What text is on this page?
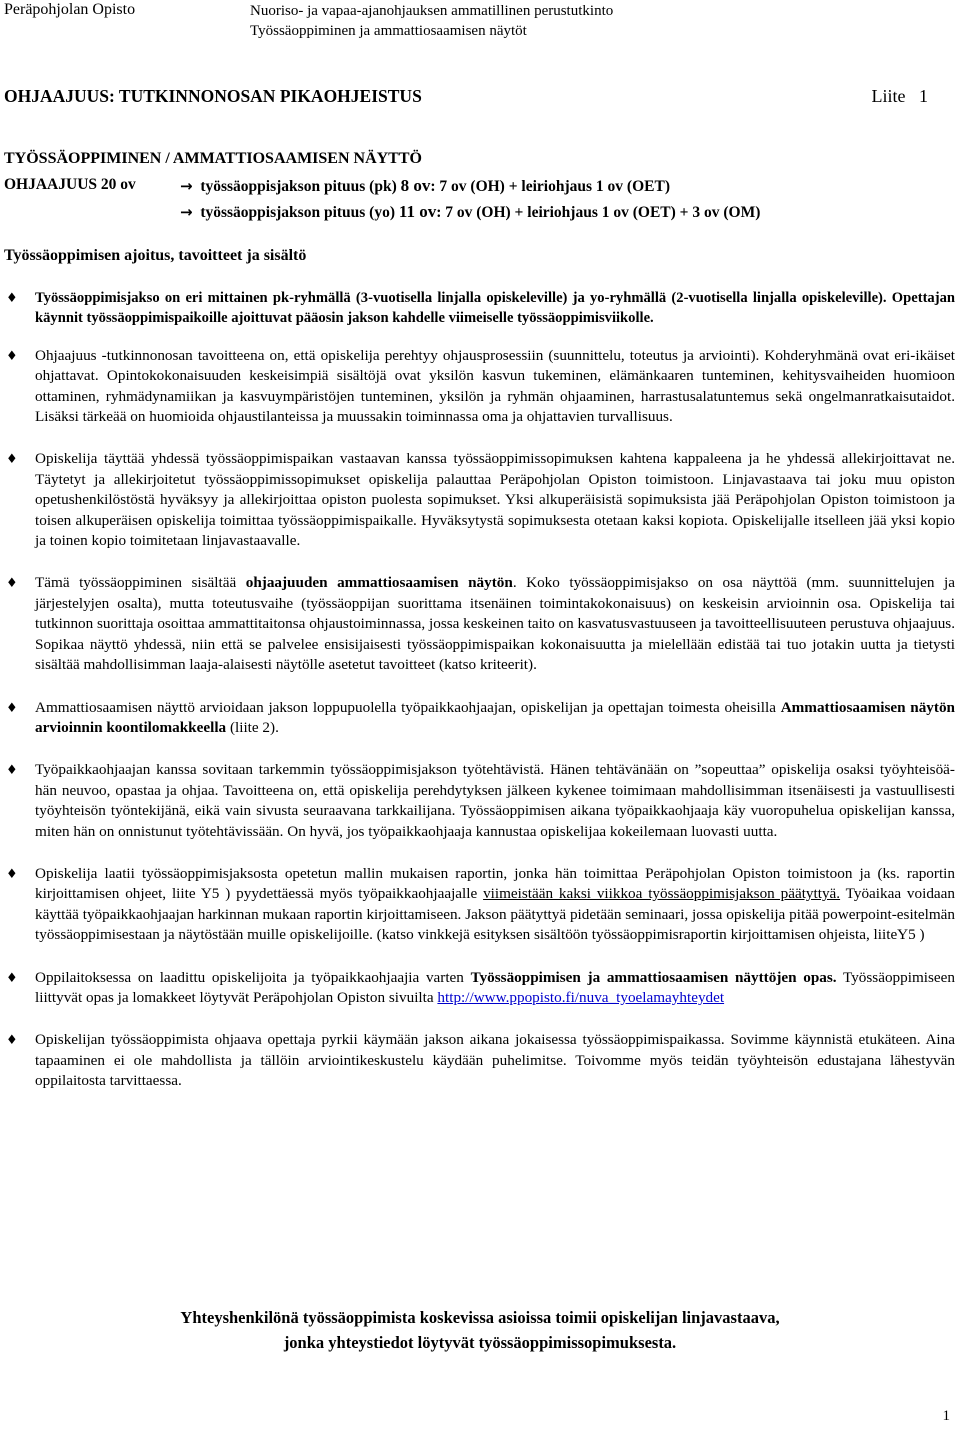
Peräpohjolan Opisto	Nuoriso- ja vapaa-ajanohjauksen ammatillinen perustutkinto
Työssäoppiminen ja ammattiosaamisen näytöt
OHJAAJUUS: TUTKINNONOSAN PIKAOHJEISTUS	Liite 1
TYÖSSÄOPPIMINEN / AMMATTIOSAAMISEN NÄYTTÖ
OHJAAJUUS 20 ov	→ työssäoppisjakson pituus (pk) 8 ov: 7 ov (OH) + leiriohjaus 1 ov (OET)
→ työssäoppisjakson pituus (yo) 11 ov: 7 ov (OH) + leiriohjaus 1 ov (OET) + 3 ov (OM)
Työssäoppimisen ajoitus, tavoitteet ja sisältö
♦ Työssäoppimisjakso on eri mittainen pk-ryhmällä (3-vuotisella linjalla opiskeleville) ja yo-ryhmällä (2-vuotisella linjalla opiskeleville). Opettajan käynnit työssäoppimispaikoille ajoittuvat pääosin jakson kahdelle viimeiselle työssäoppimisviikolle.
♦ Ohjaajuus -tutkinnonosan tavoitteena on, että opiskelija perehtyy ohjausprosessiin (suunnittelu, toteutus ja arviointi). Kohderyhmänä ovat eri-ikäiset ohjattavat. Opintokokonaisuuden keskeisimpiä sisältöjä ovat yksilön kasvun tukeminen, elämänkaaren tunteminen, kehitysvaiheiden huomioon ottaminen, ryhmädynamiikan ja kasvuympäristöjen tunteminen, yksilön ja ryhmän ohjaaminen, harrastusalatuntemus sekä ongelmanratkaisutaidot. Lisäksi tärkeää on huomioida ohjaustilanteissa ja muussakin toiminnassa oma ja ohjattavien turvallisuus.
♦ Opiskelija täyttää yhdessä työssäoppimispaikan vastaavan kanssa työssäoppimissopimuksen kahtena kappaleena ja he yhdessä allekirjoittavat ne. Täytetyt ja allekirjoitetut työssäoppimissopimukset opiskelija palauttaa Peräpohjolan Opiston toimistoon. Linjavastaava tai joku muu opiston opetushenkilöstöstä hyväksyy ja allekirjoittaa opiston puolesta sopimukset. Yksi alkuperäisistä sopimuksista jää Peräpohjolan Opiston toimistoon ja toisen alkuperäisen opiskelija toimittaa työssäoppimispaikalle. Hyväksytystä sopimuksesta otetaan kaksi kopiota. Opiskelijalle itselleen jää yksi kopio ja toinen kopio toimitetaan linjavastaavalle.
♦ Tämä työssäoppiminen sisältää ohjaajuuden ammattiosaamisen näytön. Koko työssäoppimisjakso on osa näyttöä (mm. suunnittelujen ja järjestelyjen osalta), mutta toteutusvaihe (työssäoppijan suorittama itsenäinen toimintakokonaisuus) on keskeisin arvioinnin osa. Opiskelija tai tutkinnon suorittaja osoittaa ammattitaitonsa ohjaustoiminnassa, jossa keskeinen taito on kasvatusvastuuseen ja tavoitteellisuuteen perustuva ohjaajuus. Sopikaa näyttö yhdessä, niin että se palvelee ensisijaisesti työssäoppimispaikan kokonaisuutta ja mielellään edistää tai tuo jotakin uutta ja tietysti sisältää mahdollisimman laaja-alaisesti näytölle asetetut tavoitteet (katso kriteerit).
♦ Ammattiosaamisen näyttö arvioidaan jakson loppupuolella työpaikkaohjaajan, opiskelijan ja opettajan toimesta oheisilla Ammattiosaamisen näytön arvioinnin koontilomakkeella (liite 2).
♦ Työpaikkaohjaajan kanssa sovitaan tarkemmin työssäoppimisjakson työtehtävistä. Hänen tehtävänään on ”sopeuttaa” opiskelija osaksi työyhteisöä- hän neuvoo, opastaa ja ohjaa. Tavoitteena on, että opiskelija perehdytyksen jälkeen kykenee toimimaan mahdollisimman itsenäisesti ja vastuullisesti työyhteisön työntekijänä, eikä vain sivusta seuraavana tarkkailijana. Työssäoppimisen aikana työpaikkaohjaaja käy vuoropuhelua opiskelijan kanssa, miten hän on onnistunut työtehtävissään. On hyvä, jos työpaikkaohjaaja kannustaa opiskelijaa kokeilemaan luovasti uutta.
♦ Opiskelija laatii työssäoppimisjaksosta opetetun mallin mukaisen raportin, jonka hän toimittaa Peräpohjolan Opiston toimistoon ja (ks. raportin kirjoittamisen ohjeet, liite Y5 ) pyydettäessä myös työpaikkaohjaajalle viimeistään kaksi viikkoa työssäoppimisjakson päätyttyä. Työaikaa voidaan käyttää työpaikkaohjaajan harkinnan mukaan raportin kirjoittamiseen. Jakson päätyttyä pidetään seminaari, jossa opiskelija pitää powerpoint-esitelmän työssäoppimisestaan ja näytöstään muille opiskelijoille. (katso vinkkejä esityksen sisältöön työssäoppimisraportin kirjoittamisen ohjeista, liiteY5 )
♦ Oppilaitoksessa on laadittu opiskelijoita ja työpaikkaohjaajia varten Työssäoppimisen ja ammattiosaamisen näyttöjen opas. Työssäoppimiseen liittyvät opas ja lomakkeet löytyvät Peräpohjolan Opiston sivuilta http://www.ppopisto.fi/nuva_tyoelamayhteydet
♦ Opiskelijan työssäoppimista ohjaava opettaja pyrkii käymään jakson aikana jokaisessa työssäoppimispaikassa. Sovimme käynnistä etukäteen. Aina tapaaminen ei ole mahdollista ja tällöin arviointikeskustelu käydään puhelimitse. Toivomme myös teidän työyhteisön edustajana lähestyvän oppilaitosta tarvittaessa.
Yhteyshenkilönä työssäoppimista koskevissa asioissa toimii opiskelijan linjavastaava,
jonka yhteystiedot löytyvät työssäoppimissopimuksesta.
1
